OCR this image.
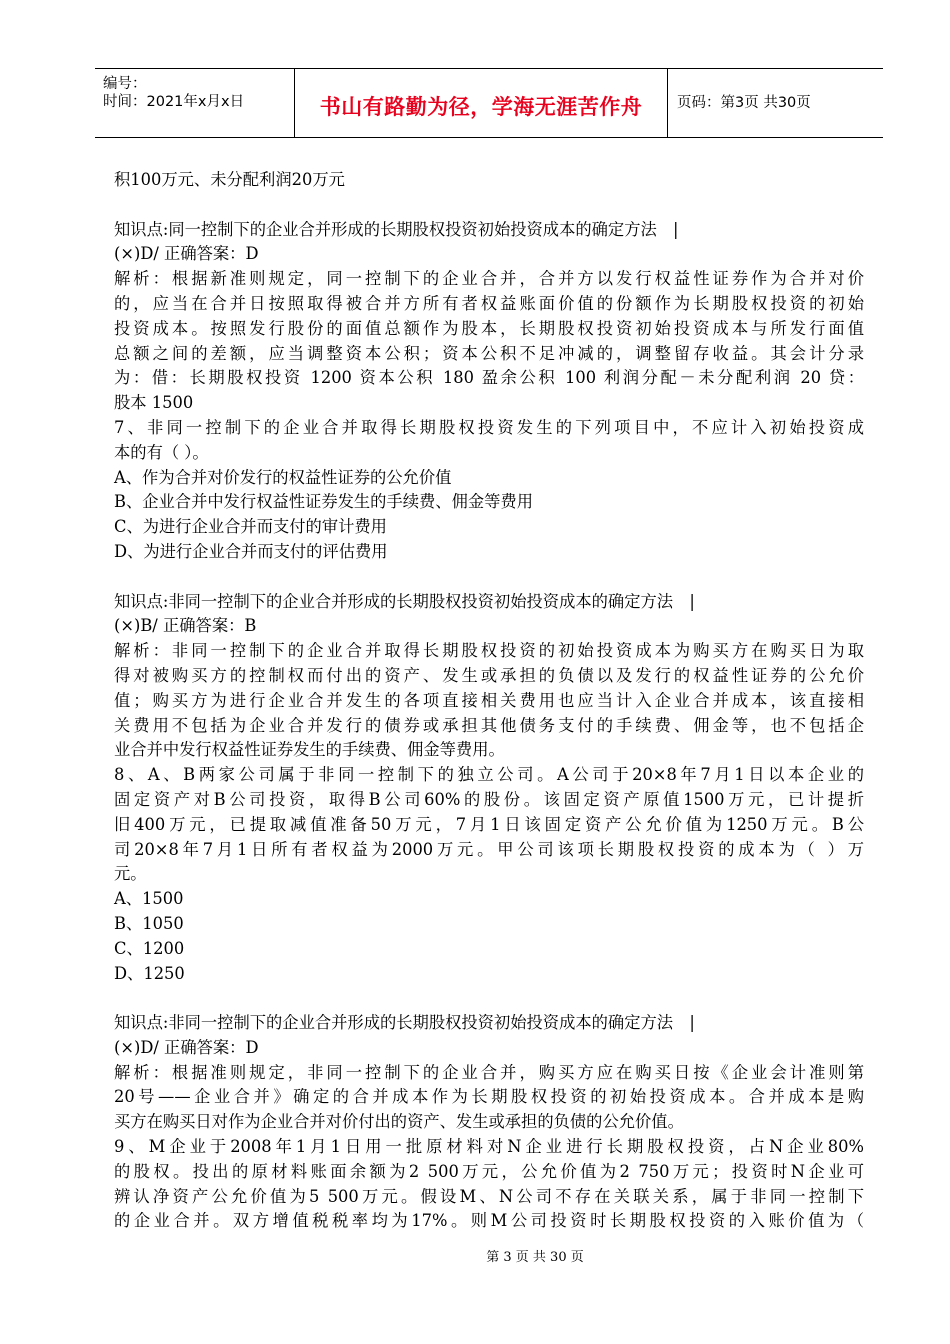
编号：
时间：2021年x月x日	书山有路勤为径，学海无涯苦作舟	页码：第3页 共30页
积100万元、未分配利润20万元
知识点:同一控制下的企业合并形成的长期股权投资初始投资成本的确定方法　|
(×)D/ 正确答案：D
解析：根据新准则规定，同一控制下的企业合并，合并方以发行权益性证券作为合并对价
的，应当在合并日按照取得被合并方所有者权益账面价值的份额作为长期股权投资的初始
投资成本。按照发行股份的面值总额作为股本，长期股权投资初始投资成本与所发行面值
总额之间的差额，应当调整资本公积；资本公积不足冲减的，调整留存收益。其会计分录
为：借：长期股权投资 1200 资本公积 180 盈余公积 100 利润分配－未分配利润 20 贷：
股本 1500
7、非同一控制下的企业合并取得长期股权投资发生的下列项目中，不应计入初始投资成
本的有（ ）。
A、作为合并对价发行的权益性证券的公允价值
B、企业合并中发行权益性证券发生的手续费、佣金等费用
C、为进行企业合并而支付的审计费用
D、为进行企业合并而支付的评估费用
知识点:非同一控制下的企业合并形成的长期股权投资初始投资成本的确定方法　|
(×)B/ 正确答案：B
解析：非同一控制下的企业合并取得长期股权投资的初始投资成本为购买方在购买日为取
得对被购买方的控制权而付出的资产、发生或承担的负债以及发行的权益性证券的公允价
值；购买方为进行企业合并发生的各项直接相关费用也应当计入企业合并成本，该直接相
关费用不包括为企业合并发行的债券或承担其他债务支付的手续费、佣金等，也不包括企
业合并中发行权益性证券发生的手续费、佣金等费用。
8、A、B两家公司属于非同一控制下的独立公司。A公司于20×8年7月1日以本企业的
固定资产对B公司投资，取得B公司60%的股份。该固定资产原值1500万元，已计提折
旧400万元，已提取减值准备50万元，7月1日该固定资产公允价值为1250万元。B公
司20×8年7月1日所有者权益为2000万元。甲公司该项长期股权投资的成本为（ ）万
元。
A、1500
B、1050
C、1200
D、1250
知识点:非同一控制下的企业合并形成的长期股权投资初始投资成本的确定方法　|
(×)D/ 正确答案：D
解析：根据准则规定，非同一控制下的企业合并，购买方应在购买日按《企业会计准则第
20号——企业合并》确定的合并成本作为长期股权投资的初始投资成本。合并成本是购
买方在购买日对作为企业合并对价付出的资产、发生或承担的负债的公允价值。
9、M企业于2008年1月1日用一批原材料对N企业进行长期股权投资，占N企业80%
的股权。投出的原材料账面余额为2 500万元，公允价值为2 750万元；投资时N企业可
辨认净资产公允价值为5 500万元。假设M、N公司不存在关联关系，属于非同一控制下
的企业合并。双方增值税税率均为17%。则M公司投资时长期股权投资的入账价值为（
第 3 页 共 30 页
